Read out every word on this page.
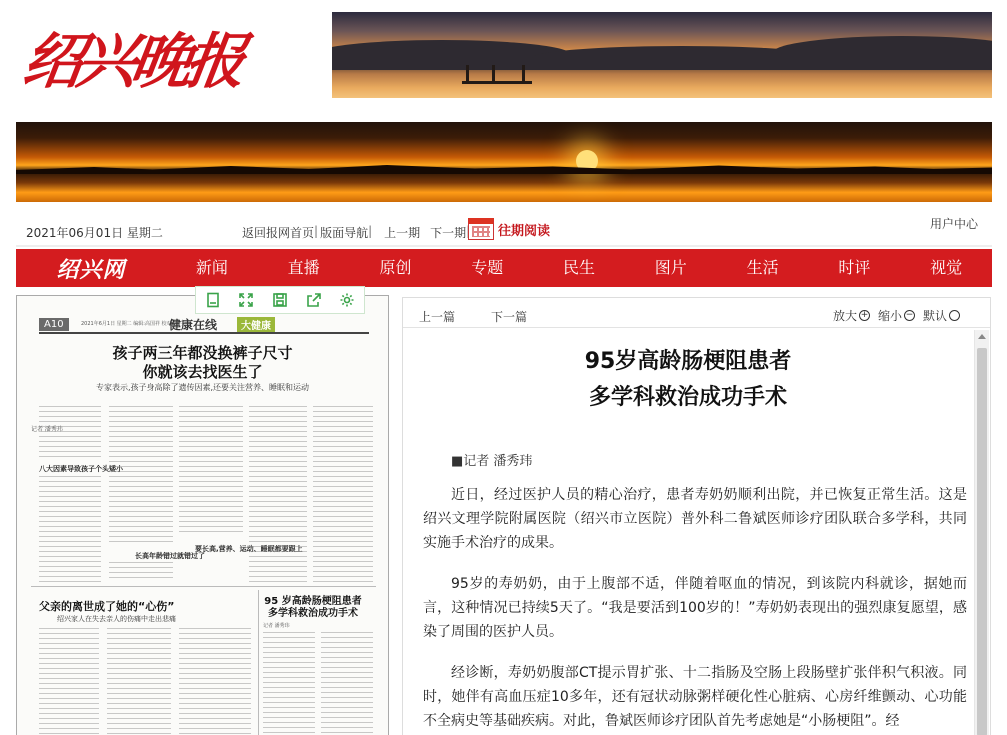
绍兴晚报
2021年06月01日 星期二	返回报网首页 | 版面导航 | 上一期 下一期 往期阅读	用户中心
绍兴网	新闻	直播	原创	专题	民生	图片	生活	时评	视觉
A10	2021年6月1日 星期二 编辑:高国祥 校对:顾兰
健康在线	大健康
孩子两三年都没换裤子尺寸
你就该去找医生了
专家表示,孩子身高除了遗传因素,还要关注营养、睡眠和运动
记者 潘秀玮
八大因素导致孩子个头矮小
长高年龄错过就错过了
要长高,营养、运动、睡眠都要跟上
父亲的离世成了她的“心伤”
绍兴家人在失去亲人的伤痛中走出悲痛
95 岁高龄肠梗阻患者多学科救治成功手术
记者 潘秀玮
上一篇	下一篇	放大 + 缩小 − 默认
95岁高龄肠梗阻患者
多学科救治成功手术
■记者 潘秀玮

近日，经过医护人员的精心治疗，患者寿奶奶顺利出院，并已恢复正常生活。这是绍兴文理学院附属医院（绍兴市立医院）普外科二鲁斌医师诊疗团队联合多学科，共同实施手术治疗的成果。

95岁的寿奶奶，由于上腹部不适，伴随着呕血的情况，到该院内科就诊，据她而言，这种情况已持续5天了。“我是要活到100岁的！”寿奶奶表现出的强烈康复愿望，感染了周围的医护人员。

经诊断，寿奶奶腹部CT提示胃扩张、十二指肠及空肠上段肠壁扩张伴积气积液。同时，她伴有高血压症10多年，还有冠状动脉粥样硬化性心脏病、心房纤维颤动、心功能不全病史等基础疾病。对此，鲁斌医师诊疗团队首先考虑她是“小肠梗阻”。经
